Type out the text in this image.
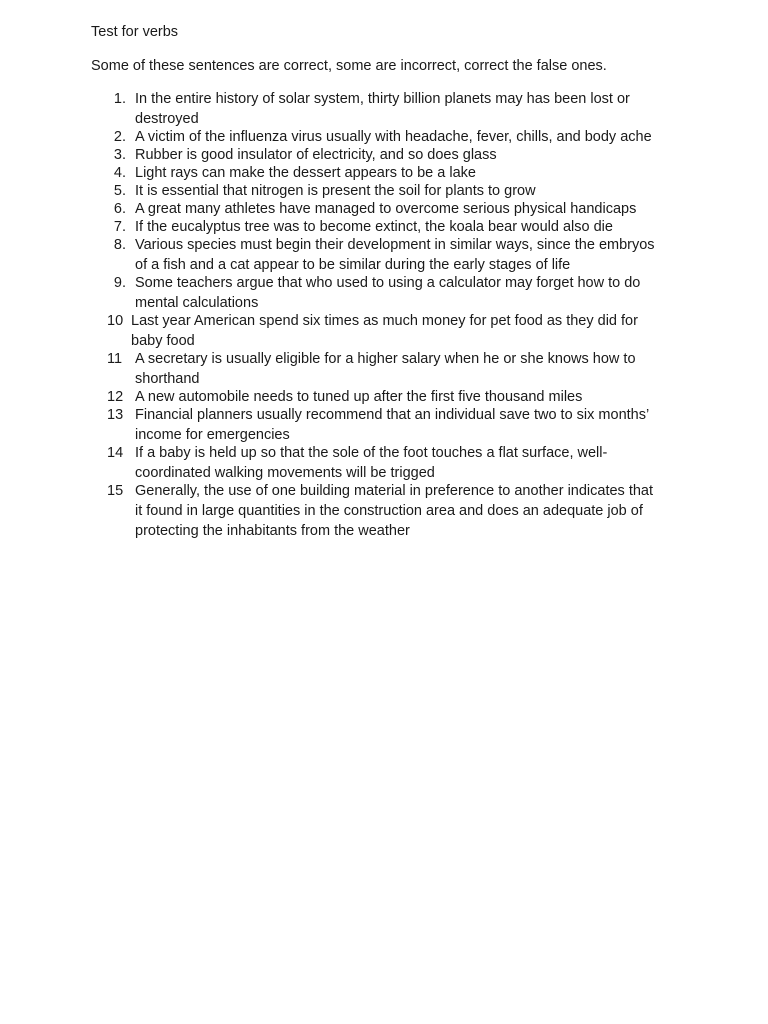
Test for verbs
Some of these sentences are correct, some are incorrect, correct the false ones.
1. In the entire history of solar system, thirty billion planets may has been lost or
destroyed
2. A victim of the influenza virus usually with headache, fever, chills, and body ache
3. Rubber is good insulator of electricity, and so does glass
4. Light rays can make the dessert appears to be a lake
5. It is essential that nitrogen is present the soil for plants to grow
6. A great many athletes have managed to overcome serious physical handicaps
7. If the eucalyptus tree was to become extinct, the koala bear would also die
8. Various species must begin their development in similar ways, since the embryos
of a fish and a cat appear to be similar during the early stages of life
9. Some teachers argue that who used to using a calculator may forget how to do
mental calculations
10 Last year American spend six times as much money for pet food as they did for
baby food
11 A secretary is usually eligible for a higher salary when he or she knows how to
shorthand
12 A new automobile needs to tuned up after the first five thousand miles
13 Financial planners usually recommend that an individual save two to six months’
income for emergencies
14 If a baby is held up so that the sole of the foot touches a flat surface, well-
coordinated walking movements will be trigged
15 Generally, the use of one building material in preference to another indicates that
it found in large quantities in the construction area and does an adequate job of
protecting the inhabitants from the weather
